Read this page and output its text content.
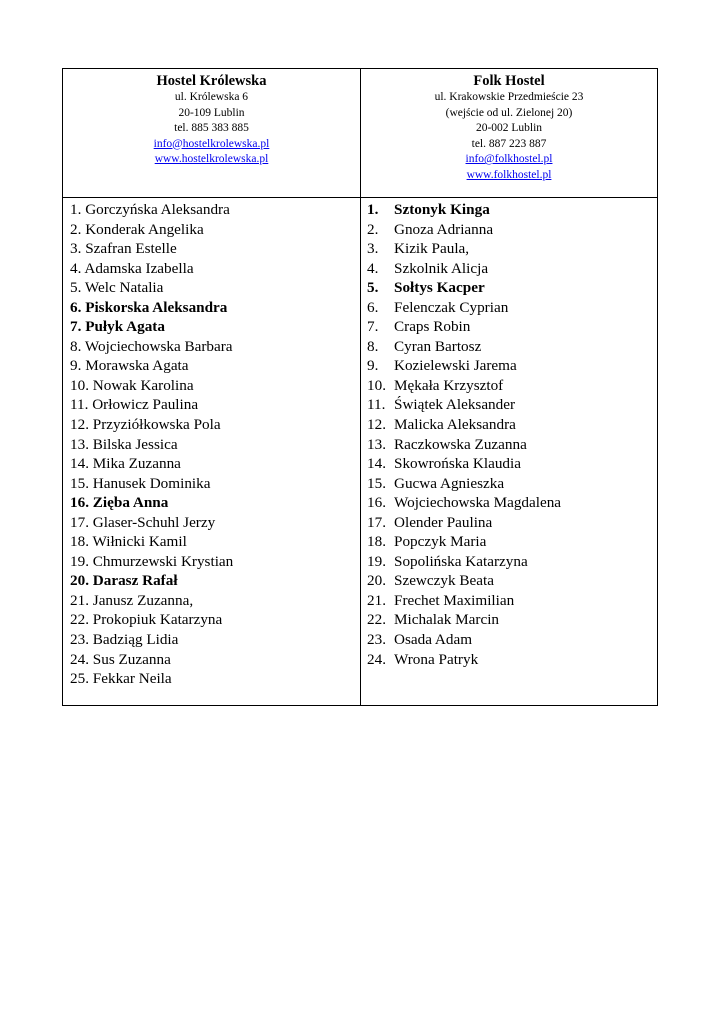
Hostel Królewska
ul. Królewska 6
20-109 Lublin
tel. 885 383 885
info@hostelkrolewska.pl
www.hostelkrolewska.pl
Folk Hostel
ul. Krakowskie Przedmieście 23
(wejście od ul. Zielonej 20)
20-002 Lublin
tel. 887 223 887
info@folkhostel.pl
www.folkhostel.pl
1. Gorczyńska Aleksandra
2. Konderak Angelika
3. Szafran Estelle
4. Adamska Izabella
5. Welc Natalia
6. Piskorska Aleksandra
7. Pułyk Agata
8. Wojciechowska Barbara
9. Morawska Agata
10. Nowak Karolina
11. Orłowicz Paulina
12. Przyziółkowska Pola
13. Bilska Jessica
14. Mika Zuzanna
15. Hanusek Dominika
16. Zięba Anna
17. Glaser-Schuhl Jerzy
18. Wiłnicki Kamil
19. Chmurzewski Krystian
20. Darasz Rafał
21. Janusz Zuzanna,
22. Prokopiuk Katarzyna
23. Badziąg Lidia
24. Sus Zuzanna
25. Fekkar Neila
1. Sztonyk Kinga
2. Gnoza Adrianna
3. Kizik Paula,
4. Szkolnik Alicja
5. Sołtys Kacper
6. Felenczak Cyprian
7. Craps Robin
8. Cyran Bartosz
9. Kozielewski Jarema
10. Mękała Krzysztof
11. Świątek Aleksander
12. Malicka Aleksandra
13. Raczkowska Zuzanna
14. Skowrońska Klaudia
15. Gucwa Agnieszka
16. Wojciechowska Magdalena
17. Olender Paulina
18. Popczyk Maria
19. Sopolińska Katarzyna
20. Szewczyk Beata
21. Frechet Maximilian
22. Michalak Marcin
23. Osada Adam
24. Wrona Patryk
